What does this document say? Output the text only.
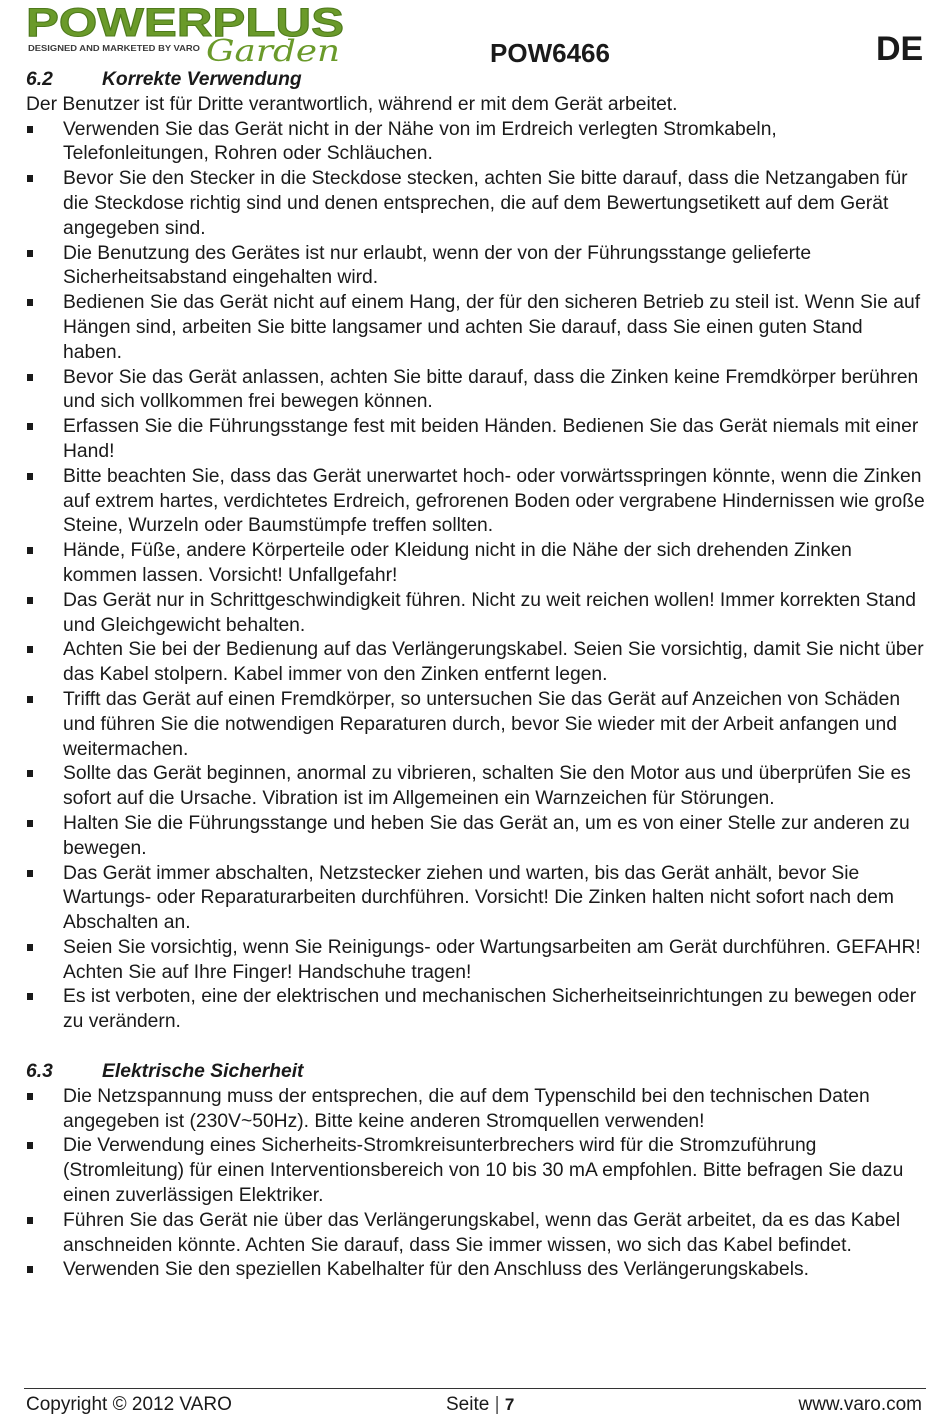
POWERPLUS
DESIGNED AND MARKETED BY VARO Garden	POW6466	DE
6.2	Korrekte Verwendung

Der Benutzer ist für Dritte verantwortlich, während er mit dem Gerät arbeitet.

Verwenden Sie das Gerät nicht in der Nähe von im Erdreich verlegten Stromkabeln, Telefonleitungen, Rohren oder Schläuchen.
Bevor Sie den Stecker in die Steckdose stecken, achten Sie bitte darauf, dass die Netzangaben für die Steckdose richtig sind und denen entsprechen, die auf dem Bewertungsetikett auf dem Gerät angegeben sind.
Die Benutzung des Gerätes ist nur erlaubt, wenn der von der Führungsstange gelieferte Sicherheitsabstand eingehalten wird.
Bedienen Sie das Gerät nicht auf einem Hang, der für den sicheren Betrieb zu steil ist. Wenn Sie auf Hängen sind, arbeiten Sie bitte langsamer und achten Sie darauf, dass Sie einen guten Stand haben.
Bevor Sie das Gerät anlassen, achten Sie bitte darauf, dass die Zinken keine Fremdkörper berühren und sich vollkommen frei bewegen können.
Erfassen Sie die Führungsstange fest mit beiden Händen. Bedienen Sie das Gerät niemals mit einer Hand!
Bitte beachten Sie, dass das Gerät unerwartet hoch- oder vorwärtsspringen könnte, wenn die Zinken auf extrem hartes, verdichtetes Erdreich, gefrorenen Boden oder vergrabene Hindernissen wie große Steine, Wurzeln oder Baumstümpfe treffen sollten.
Hände, Füße, andere Körperteile oder Kleidung nicht in die Nähe der sich drehenden Zinken kommen lassen. Vorsicht! Unfallgefahr!
Das Gerät nur in Schrittgeschwindigkeit führen. Nicht zu weit reichen wollen! Immer korrekten Stand und Gleichgewicht behalten.
Achten Sie bei der Bedienung auf das Verlängerungskabel. Seien Sie vorsichtig, damit Sie nicht über das Kabel stolpern. Kabel immer von den Zinken entfernt legen.
Trifft das Gerät auf einen Fremdkörper, so untersuchen Sie das Gerät auf Anzeichen von Schäden und führen Sie die notwendigen Reparaturen durch, bevor Sie wieder mit der Arbeit anfangen und weitermachen.
Sollte das Gerät beginnen, anormal zu vibrieren, schalten Sie den Motor aus und überprüfen Sie es sofort auf die Ursache. Vibration ist im Allgemeinen ein Warnzeichen für Störungen.
Halten Sie die Führungsstange und heben Sie das Gerät an, um es von einer Stelle zur anderen zu bewegen.
Das Gerät immer abschalten, Netzstecker ziehen und warten, bis das Gerät anhält, bevor Sie Wartungs- oder Reparaturarbeiten durchführen. Vorsicht! Die Zinken halten nicht sofort nach dem Abschalten an.
Seien Sie vorsichtig, wenn Sie Reinigungs- oder Wartungsarbeiten am Gerät durchführen. GEFAHR! Achten Sie auf Ihre Finger! Handschuhe tragen!
Es ist verboten, eine der elektrischen und mechanischen Sicherheitseinrichtungen zu bewegen oder zu verändern.
6.3	Elektrische Sicherheit
Die Netzspannung muss der entsprechen, die auf dem Typenschild bei den technischen Daten angegeben ist (230V~50Hz). Bitte keine anderen Stromquellen verwenden!
Die Verwendung eines Sicherheits-Stromkreisunterbrechers wird für die Stromzuführung (Stromleitung) für einen Interventionsbereich von 10 bis 30 mA empfohlen. Bitte befragen Sie dazu einen zuverlässigen Elektriker.
Führen Sie das Gerät nie über das Verlängerungskabel, wenn das Gerät arbeitet, da es das Kabel anschneiden könnte. Achten Sie darauf, dass Sie immer wissen, wo sich das Kabel befindet.
Verwenden Sie den speziellen Kabelhalter für den Anschluss des Verlängerungskabels.
Copyright © 2012 VARO	Seite | 7	www.varo.com
